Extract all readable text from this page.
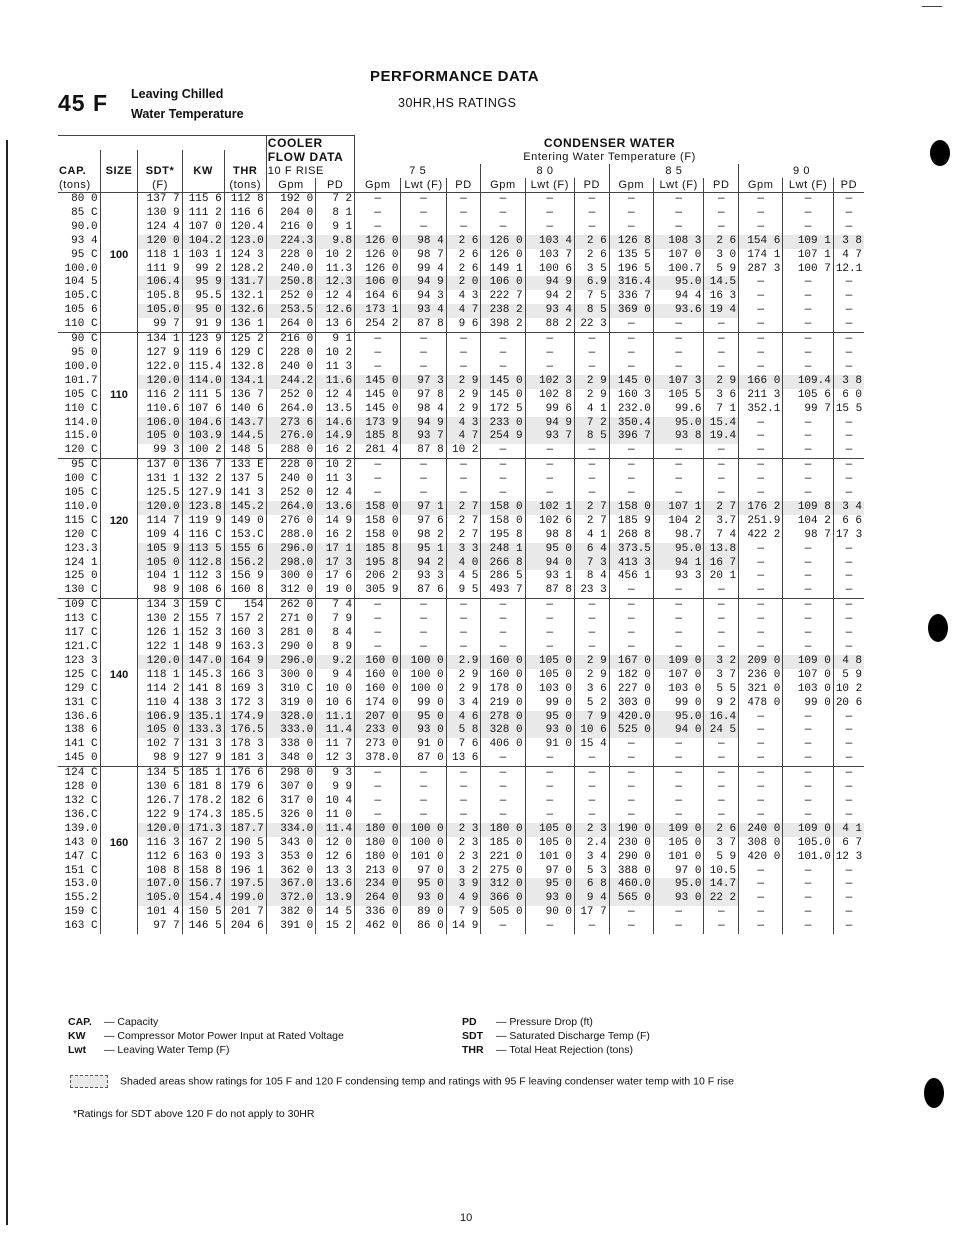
45 F Leaving Chilled
Water Temperature
PERFORMANCE DATA
30HR,HS RATINGS
					COOLER		CONDENSER WATER											
CAP.	SIZE	SDT*	KW	THR	FLOW DATA		Entering Water Temperature (F)											
					10 F RISE		7 5			8 0			8 5			9 0		

(tons)		(F)		(tons)	Gpm	PD	Gpm	Lwt (F)	PD	Gpm	Lwt (F)	PD	Gpm	Lwt (F)	PD	Gpm	Lwt (F)	PD
80 0		137 7	115 6	112 8	192 0	7 2	—	—	—	—	—	—	—	—	—	—	—	—
85 C		130 9	111 2	116 6	204 0	8 1	—	—	—	—	—	—	—	—	—	—	—	—
90.0		124 4	107 0	120.4	216 0	9 1	—	—	—	—	—	—	—	—	—	—	—	—
93 4		120 0	104.2	123.0	224.3	9.8	126 0	98 4	2 6	126 0	103 4	2 6	126 8	108 3	2 6	154 6	109 1	3 8
95 C	100	118 1	103 1	124 3	228 0	10 2	126 0	98 7	2 6	126 0	103 7	2 6	135 5	107 0	3 0	174 1	107 1	4 7
100.0		111 9	99 2	128.2	240.0	11.3	126 0	99 4	2 6	149 1	100 6	3 5	196 5	100.7	5 9	287 3	100 7	12.1
104 5		106.4	95 9	131.7	250.8	12.3	106 0	94 9	2 0	106 0	94 9	6.9	316.4	95.0	14.5	—	—	—
105.C		105.8	95.5	132.1	252 0	12 4	164 6	94 3	4 3	222 7	94 2	7 5	336 7	94 4	16 3	—	—	—
105 6		105.0	95 0	132.6	253.5	12.6	173 1	93 4	4 7	238 2	93 4	8 5	369 0	93.6	19 4	—	—	—
110 C		99 7	91 9	136 1	264 0	13 6	254 2	87 8	9 6	398 2	88 2	22 3	—	—	—	—	—	—
90 C		134 1	123 9	125 2	216 0	9 1	—	—	—	—	—	—	—	—	—	—	—	—
95 0		127 9	119 6	129 C	228 0	10 2	—	—	—	—	—	—	—	—	—	—	—	—
100.0		122.0	115.4	132.8	240 0	11 3	—	—	—	—	—	—	—	—	—	—	—	—
101.7		120.0	114.0	134.1	244.2	11.6	145 0	97 3	2 9	145 0	102 3	2 9	145 0	107 3	2 9	166 0	109.4	3 8
105 C	110	116 2	111 5	136 7	252 0	12 4	145 0	97 8	2 9	145 0	102 8	2 9	160 3	105 5	3 6	211 3	105 6	6 0
110 C		110.6	107 6	140 6	264.0	13.5	145 0	98 4	2 9	172 5	99 6	4 1	232.0	99.6	7 1	352.1	99 7	15 5
114.0		106.0	104.6	143.7	273 6	14.6	173 9	94 9	4 3	233 0	94 9	7 2	350.4	95.0	15.4	—	—	—
115.0		105 0	103.9	144.5	276.0	14.9	185 8	93 7	4 7	254 9	93 7	8 5	396 7	93 8	19.4	—	—	—
120 C		99 3	100 2	148 5	288 0	16 2	281 4	87 8	10 2	—	—	—	—	—	—	—	—	—
95 C		137 0	136 7	133 E	228 0	10 2	—	—	—	—	—	—	—	—	—	—	—	—
100 C		131 1	132 2	137 5	240 0	11 3	—	—	—	—	—	—	—	—	—	—	—	—
105 C		125.5	127.9	141 3	252 0	12 4	—	—	—	—	—	—	—	—	—	—	—	—
110.0		120.0	123.8	145.2	264.0	13.6	158 0	97 1	2 7	158 0	102 1	2 7	158 0	107 1	2 7	176 2	109 8	3 4
115 C	120	114 7	119 9	149 0	276 0	14 9	158 0	97 6	2 7	158 0	102 6	2 7	185 9	104 2	3.7	251.9	104 2	6 6
120 C		109 4	116 C	153.C	288.0	16 2	158 0	98 2	2 7	195 8	98 8	4 1	268 8	98.7	7 4	422 2	98 7	17 3
123.3		105 9	113 5	155 6	296.0	17 1	185 8	95 1	3 3	248 1	95 0	6 4	373.5	95.0	13.8	—	—	—
124 1		105 0	112.8	156.2	298.0	17 3	195 8	94 2	4 0	266 8	94 0	7 3	413 3	94 1	16 7	—	—	—
125 0		104 1	112 3	156 9	300 0	17 6	206 2	93 3	4 5	286 5	93 1	8 4	456 1	93 3	20 1	—	—	—
130 C		98 9	108 6	160 8	312 0	19 0	305 9	87 6	9 5	493 7	87 8	23 3	—	—	—	—	—	—
109 C		134 3	159 C	154	262 0	7 4	—	—	—	—	—	—	—	—	—	—	—	—
113 C		130 2	155 7	157 2	271 0	7 9	—	—	—	—	—	—	—	—	—	—	—	—
117 C		126 1	152 3	160 3	281 0	8 4	—	—	—	—	—	—	—	—	—	—	—	—
121.C		122 1	148 9	163.3	290 0	8 9	—	—	—	—	—	—	—	—	—	—	—	—
123 3		120.0	147.0	164 9	296.0	9.2	160 0	100 0	2.9	160 0	105 0	2 9	167 0	109 0	3 2	209 0	109 0	4 8
125 C	140	118 1	145.3	166 3	300 0	9 4	160 0	100 0	2 9	160 0	105 0	2 9	182 0	107 0	3 7	236 0	107 0	5 9
129 C		114 2	141 8	169 3	310 C	10 0	160 0	100 0	2 9	178 0	103 0	3 6	227 0	103 0	5 5	321 0	103 0	10 2
131 C		110 4	138 3	172 3	319 0	10 6	174 0	99 0	3 4	219 0	99 0	5 2	303 0	99 0	9 2	478 0	99 0	20 6
136.6		106.9	135.1	174.9	328.0	11.1	207 0	95 0	4 6	278 0	95 0	7 9	420.0	95.0	16.4	—	—	—
138 6		105 0	133.3	176.5	333.0	11.4	233 0	93 0	5 8	328 0	93 0	10 6	525 0	94 0	24 5	—	—	—
141 C		102 7	131 3	178 3	338 0	11 7	273 0	91 0	7 6	406 0	91 0	15 4	—	—	—	—	—	—
145 0		98 9	127 9	181 3	348 0	12 3	378.0	87 0	13 6	—	—	—	—	—	—	—	—	—
124 C		134 5	185 1	176 6	298 0	9 3	—	—	—	—	—	—	—	—	—	—	—	—
128 0		130 6	181 8	179 6	307 0	9 9	—	—	—	—	—	—	—	—	—	—	—	—
132 C		126.7	178.2	182 6	317 0	10 4	—	—	—	—	—	—	—	—	—	—	—	—
136.C		122 9	174.3	185.5	326 0	11 0	—	—	—	—	—	—	—	—	—	—	—	—
139.0		120.0	171.3	187.7	334.0	11.4	180 0	100 0	2 3	180 0	105 0	2 3	190 0	109 0	2 6	240 0	109 0	4 1
143 0	160	116 3	167 2	190 5	343 0	12 0	180 0	100 0	2 3	185 0	105 0	2.4	230 0	105 0	3 7	308 0	105.0	6 7
147 C		112 6	163 0	193 3	353 0	12 6	180 0	101 0	2 3	221 0	101 0	3 4	290 0	101 0	5 9	420 0	101.0	12 3
151 C		108 8	158 8	196 1	362 0	13 3	213 0	97 0	3 2	275 0	97 0	5 3	388 0	97 0	10.5	—	—	—
153.0		107.0	156.7	197.5	367.0	13.6	234 0	95 0	3 9	312 0	95 0	6 8	460.0	95.0	14.7	—	—	—
155.2		105.0	154.4	199.0	372.0	13.9	264 0	93 0	4 9	366 0	93 0	9 4	565 0	93 0	22 2	—	—	—
159 C		101 4	150 5	201 7	382 0	14 5	336 0	89 0	7 9	505 0	90 0	17 7	—	—	—	—	—	—
163 C		97 7	146 5	204 6	391 0	15 2	462 0	86 0	14 9	—	—	—	—	—	—	—	—	—
CAP. — Capacity
KW — Compressor Motor Power Input at Rated Voltage
Lwt — Leaving Water Temp (F)
PD — Pressure Drop (ft)
SDT — Saturated Discharge Temp (F)
THR — Total Heat Rejection (tons)
Shaded areas show ratings for 105 F and 120 F condensing temp and ratings with 95 F leaving condenser water temp with 10 F rise
*Ratings for SDT above 120 F do not apply to 30HR
10
